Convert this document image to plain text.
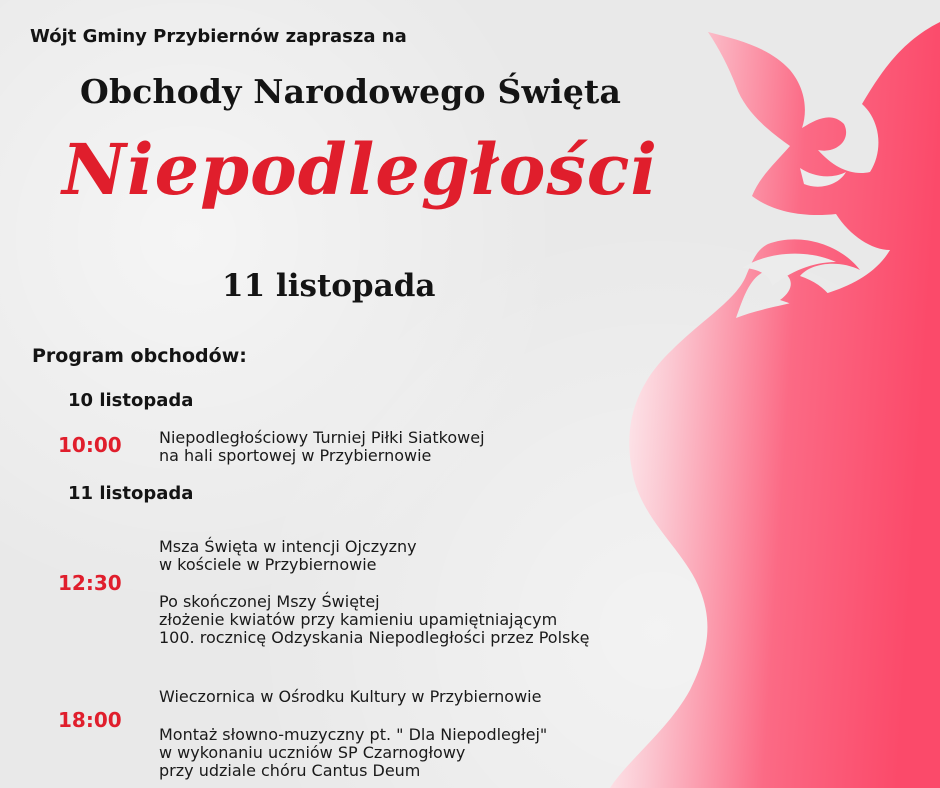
Wójt Gminy Przybiernów zaprasza na

Obchody Narodowego Święta
Niepodległości

11 listopada

Program obchodów:

10 listopada

10:00 Niepodległościowy Turniej Piłki Siatkowej
na hali sportowej w Przybiernowie

11 listopada

12:30

Msza Święta w intencji Ojczyzny
w kościele w Przybiernowie
Po skończonej Mszy Świętej
złożenie kwiatów przy kamieniu upamiętniającym
100. rocznicę Odzyskania Niepodległości przez Polskę

18:00

Wieczornica w Ośrodku Kultury w Przybiernowie
Montaż słowno-muzyczny pt. " Dla Niepodległej"
w wykonaniu uczniów SP Czarnogłowy
przy udziale chóru Cantus Deum
